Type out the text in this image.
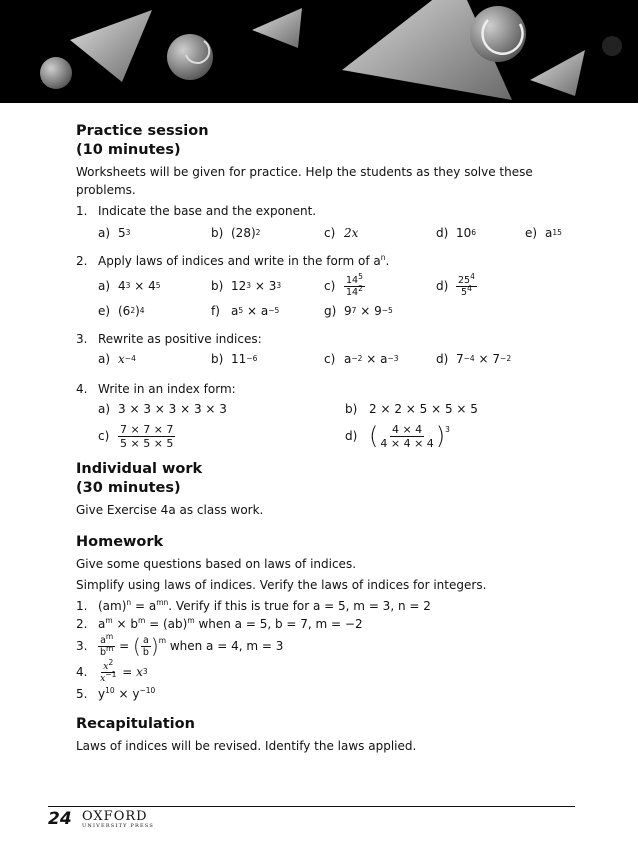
Practice session
(10 minutes)

Worksheets will be given for practice. Help the students as they solve these problems.

1. Indicate the base and the exponent.
a) 5 3	b) (28) 2	c) 2 x	d) 10 6	e) a 15
2. Apply laws of indices and write in the form of $a^n$.
a) 4 3 × 4 5	b) 12 3 × 3 3	$c) \frac{14^5}{14^2}$	$d) \frac{25^4}{5^4}$
e) (6 2 ) 4	f) a 5 × a −5	g) 9 7 × 9 −5
3. Rewrite as positive indices:
a) x −4	b) 11 −6	c) a −2 × a −3	d) 7 −4 × 7 −2
4. Write in an index form:
a) 3 × 3 × 3 × 3 × 3	b) 2 × 2 × 5 × 5 × 5
$c) \frac{7 \times 7 \times 7}{5 \times 5 \times 5}$	d) ( $\frac{4 \times 4}{4 \times 4 \times 4} )^3$
Individual work
(30 minutes)

Give Exercise 4a as class work.

Homework

Give some questions based on laws of indices.

Simplify using laws of indices. Verify the laws of indices for integers.

1. $(am)^n = a^{mn}$. Verify if this is true for a = 5, m = 3, n = 2
2. $a^m \times b^m = (ab)^m$ when a = 5, b = 7, m = −2
3.	$\frac{a^m}{b^m}$ = ( $\frac{a}{b} )^m$ when a = 4, m = 3
4.	$\frac{x^2}{x^{-1}} = x$ 3
5. $y^{10} \times y^{-10}$
Recapitulation

Laws of indices will be revised. Identify the laws applied.

24 OXFORD
UNIVERSITY PRESS
